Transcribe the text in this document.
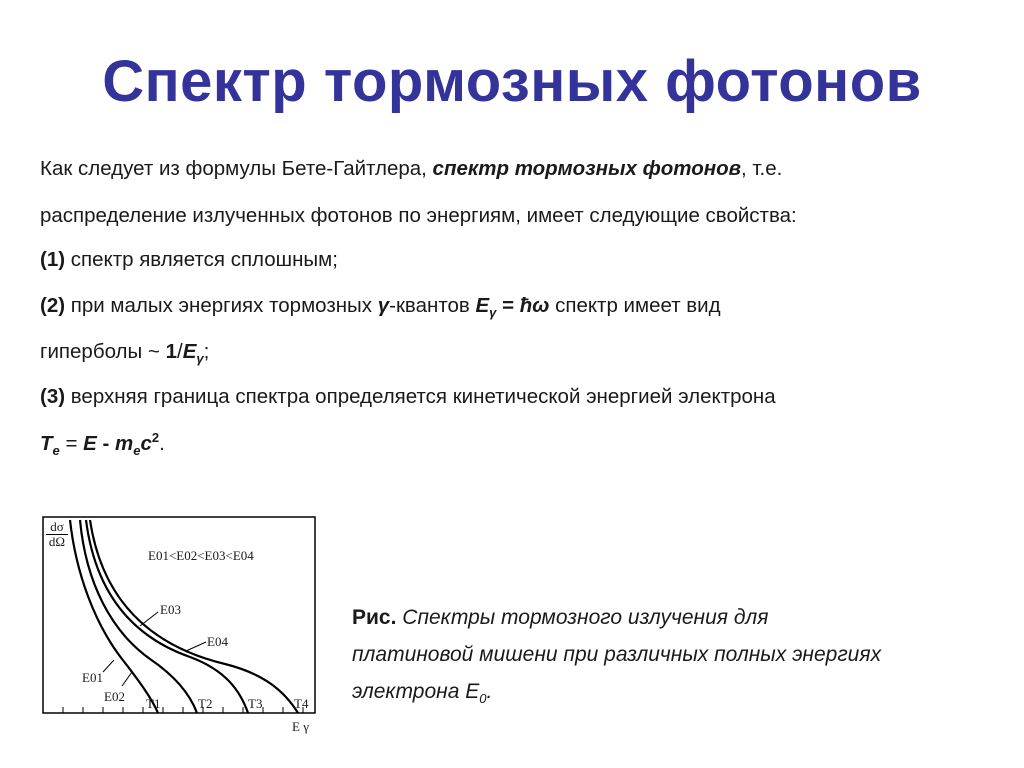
Спектр тормозных фотонов
Как следует из формулы Бете-Гайтлера, спектр тормозных фотонов, т.е.
распределение излученных фотонов по энергиям, имеет следующие свойства:
(1) спектр является сплошным;
(2) при малых энергиях тормозных γ-квантов $E_\gamma$ = ħω спектр имеет вид
гиперболы ~ $1/E_\gamma$;
(3) верхняя граница спектра определяется кинетической энергией электрона
$T_e = E - m_ec^2$.
dσ
dΩ
E01<E02<E03<E04
E03
E04
E01
E02 T1	T2	T3 T4
E γ
Рис. Спектры тормозного излучения для
платиновой мишени при различных полных энергиях
электрона $E_0$.
